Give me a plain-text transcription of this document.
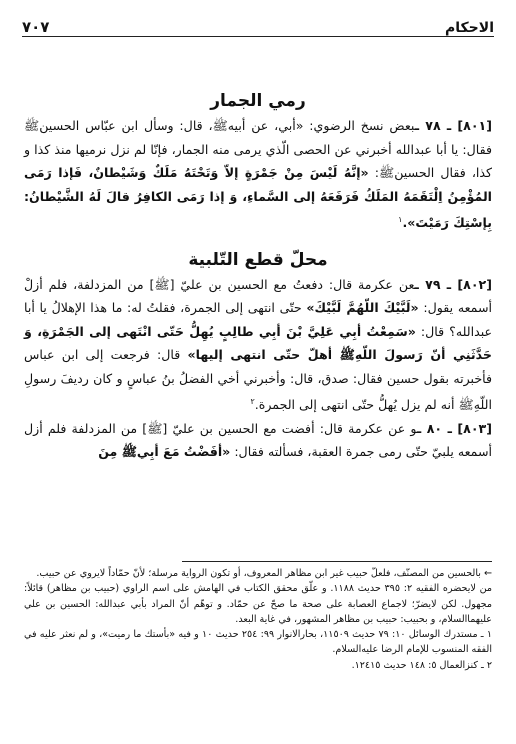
الاحكام
٧٠٧
رمي الجمار

[٨٠١] ـ ٧٨ ـبعض نسخ الرضوي: «أبي، عن أبيهﷺ، قال: وسأل ابن عبّاس الحسينﷺ فقال: يا أبا عبدالله أخبرني عن الحصى الّذي يرمى منه الجمار، فإنّا لم نزل نرميها منذ كذا و كذا، فقال الحسينﷺ: «إنَّهُ لَيْسَ مِنْ جَمْرَةٍ إلاّ وَتَحْتَهُ مَلَكٌ وَشَيْطانٌ، فَإذا رَمَى المُؤْمِنُ اِلْتَقَمَهُ المَلَكُ فَرَفَعَهُ إلى السَّماءِ، وَ إذا رَمَى الكافِرُ قالَ لَهُ الشَّيْطانُ: بِإسْتِكَ رَمَيْتَ».$^١$

محلّ قطع التّلبية

[٨٠٢] ـ ٧٩ ـعن عكرمة قال: دفعتُ مع الحسين بن عليّ [ﷺ] من المزدلفة، فلم أزلْ أسمعه يقول: «لَبَّيْكَ اللّهُمَّ لَبَّيْكَ» حتّى انتهى إلى الجمرة، فقلتُ له: ما هذا الإهلالُ يا أبا عبدالله؟ قال: «سَمِعْتُ أبِي عَلِيَّ بْنَ أبِي طالِبٍ يُهِلُّ حَتّى انْتَهى إلى الجَمْرَةِ، وَ حَدَّثَنِي أنّ رَسولَ اللّهِﷺ أهلّ حتّى انتهى إليها» قال: فرجعت إلى ابن عباس فأخبرته بقول حسين فقال: صدق، قال: وأخبرني أخي الفضلُ بنُ عباسٍ و كان رديفَ رسولِ اللّهِﷺ أنه لم يزل يُهلُّ حتّى انتهى إلى الجمرة.$^٢$

[٨٠٣] ـ ٨٠ ـو عن عكرمة قال: أفضت مع الحسين بن عليّ [ﷺ] من المزدلفة فلم أزل أسمعه يلبيّ حتّى رمى جمرة العقبة، فسألته فقال: «أفَضْتُ مَعَ أبِيﷺ مِنَ

← بالحسين من المصنّف، فلعلّ حبيب غير ابن مظاهر المعروف، أو تكون الرواية مرسلة؛ لأنّ حمّاداً لايروي عن حبيب.

من لايحضره الفقيه ٢: ٣٩٥ حديث ١١٨٨. و علّق محقق الكتاب في الهامش على اسم الراوي (حبيب بن مظاهر) قائلاً: مجهول. لكن لايضرّ؛ لاجماع العصابة على صحة ما صحّ عن حمّاد. و توهّم أنّ المراد بأبي عبدالله: الحسين بن علي عليهماالسلام، و بحبيب: حبيب بن مظاهر المشهور، في غاية البعد.

١ ـ مستدرك الوسائل ١٠: ٧٩ حديث ١١٥٠٩، بحارالانوار ٩٩: ٢٥٤ حديث ١٠ و فيه «بأستك ما رميت»، و لم نعثر عليه في الفقه المنسوب للإمام الرضا عليه‌السلام.

٢ ـ كنزالعمال ٥: ١٤٨ حديث ١٢٤١٥.
